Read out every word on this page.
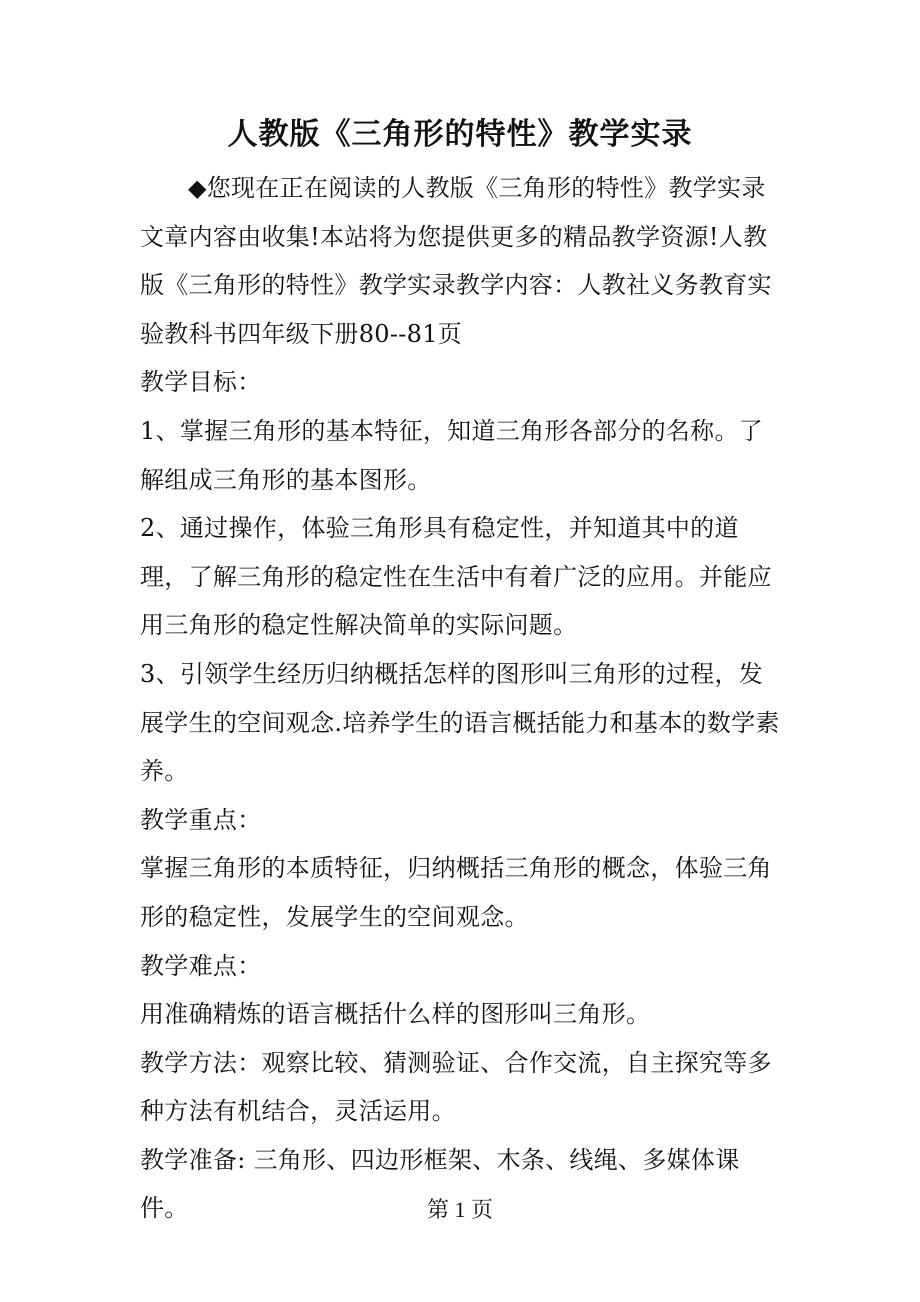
人教版《三角形的特性》教学实录

◆您现在正在阅读的人教版《三角形的特性》教学实录文章内容由收集!本站将为您提供更多的精品教学资源!人教版《三角形的特性》教学实录教学内容：人教社义务教育实验教科书四年级下册80--81页

教学目标：

1、掌握三角形的基本特征，知道三角形各部分的名称。了解组成三角形的基本图形。

2、通过操作，体验三角形具有稳定性，并知道其中的道理，了解三角形的稳定性在生活中有着广泛的应用。并能应用三角形的稳定性解决简单的实际问题。

3、引领学生经历归纳概括怎样的图形叫三角形的过程，发展学生的空间观念.培养学生的语言概括能力和基本的数学素养。

教学重点：

掌握三角形的本质特征，归纳概括三角形的概念，体验三角形的稳定性，发展学生的空间观念。

教学难点：

用准确精炼的语言概括什么样的图形叫三角形。

教学方法：观察比较、猜测验证、合作交流，自主探究等多种方法有机结合，灵活运用。

教学准备: 三角形、四边形框架、木条、线绳、多媒体课件。	第 1 页
